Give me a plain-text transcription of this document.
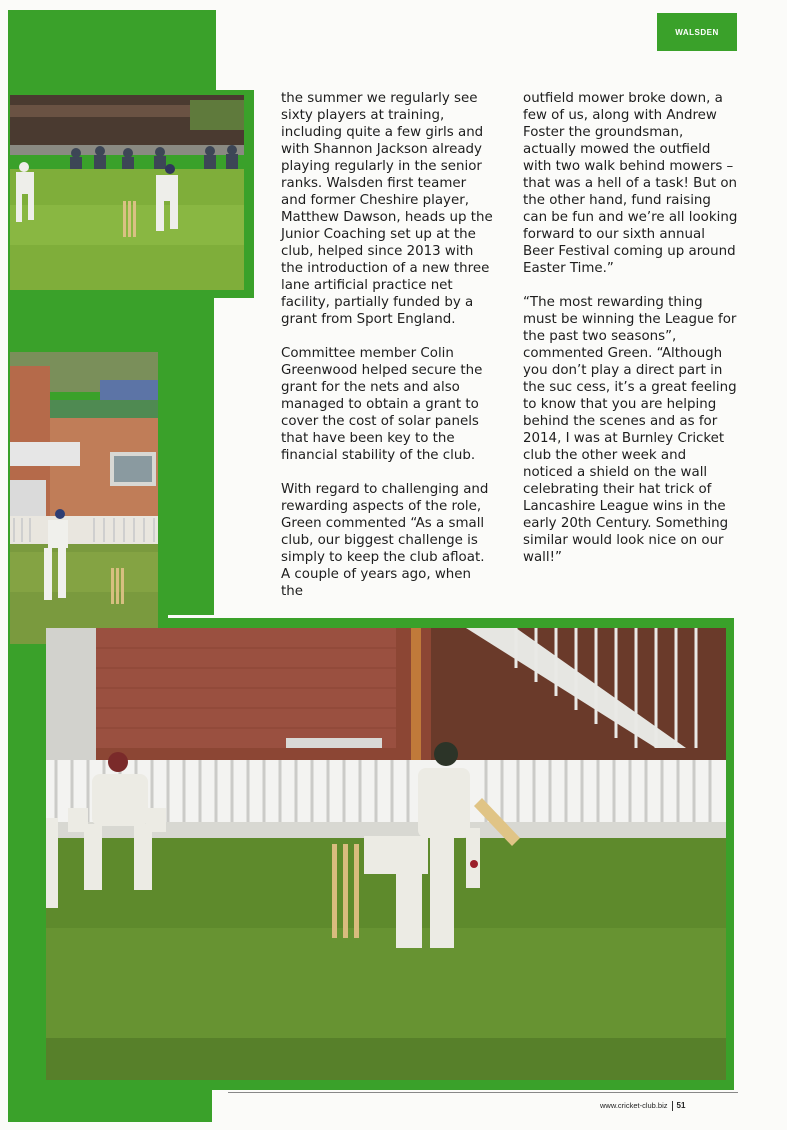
WALSDEN

the summer we regularly see sixty players at training, including quite a few girls and with Shannon Jackson already playing regularly in the senior ranks. Walsden first teamer and former Cheshire player, Matthew Dawson, heads up the Junior Coaching set up at the club, helped since 2013 with the introduction of a new three lane artificial practice net facility, partially funded by a grant from Sport England.

Committee member Colin Greenwood helped secure the grant for the nets and also managed to obtain a grant to cover the cost of solar panels that have been key to the financial stability of the club.

With regard to challenging and rewarding aspects of the role, Green commented “As a small club, our biggest challenge is simply to keep the club afloat. A couple of years ago, when the

outfield mower broke down, a few of us, along with Andrew Foster the groundsman, actually mowed the outfield with two walk behind mowers – that was a hell of a task! But on the other hand, fund raising can be fun and we’re all looking forward to our sixth annual Beer Festival coming up around Easter Time.”

“The most rewarding thing must be winning the League for the past two seasons”, commented Green. “Although you don’t play a direct part in the suc cess, it’s a great feeling to know that you are helping behind the scenes and as for 2014, I was at Burnley Cricket club the other week and noticed a shield on the wall celebrating their hat trick of Lancashire League wins in the early 20th Century. Something similar would look nice on our wall!”

www.cricket-club.biz 51
